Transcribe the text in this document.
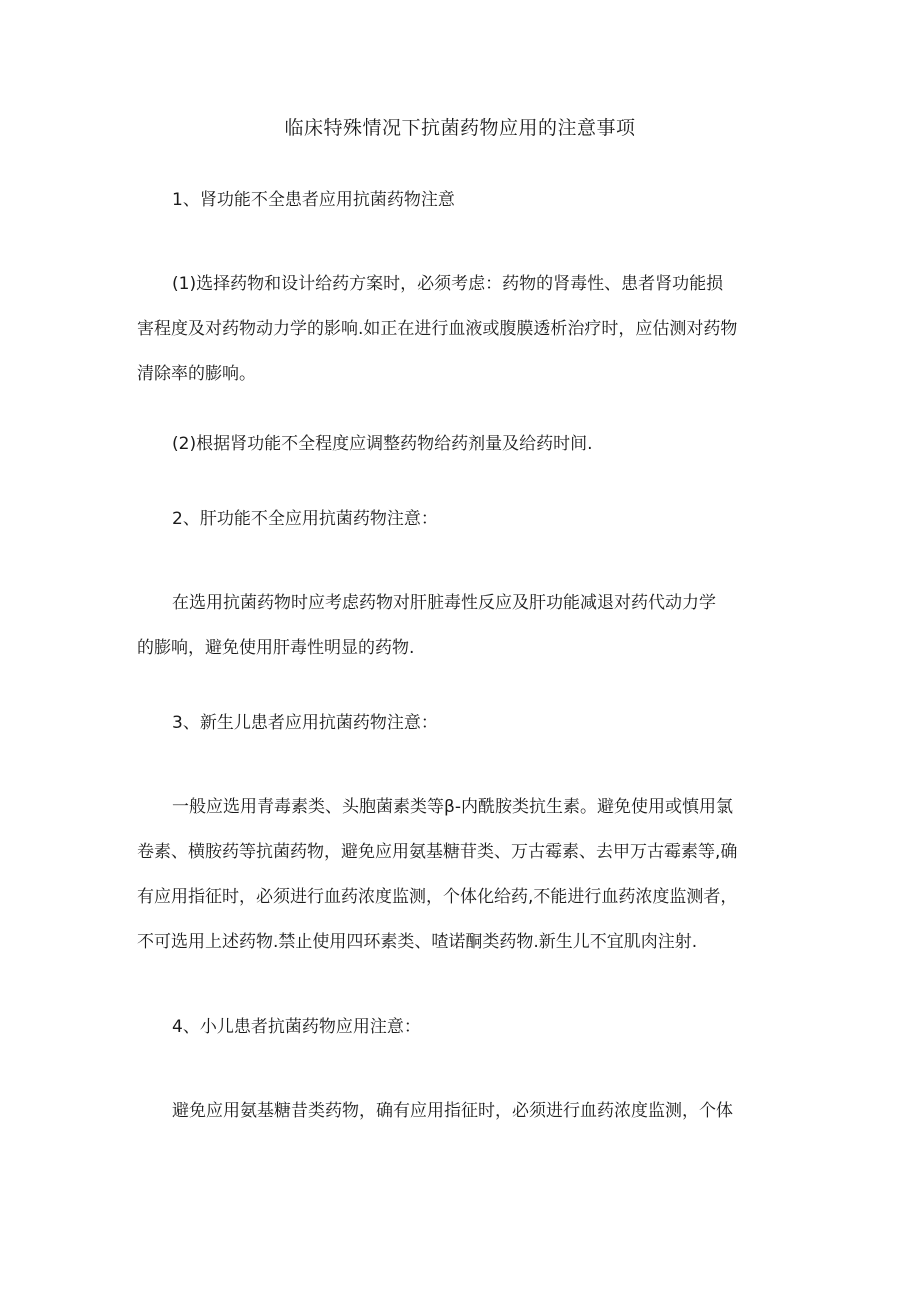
临床特殊情况下抗菌药物应用的注意事项
1、肾功能不全患者应用抗菌药物注意
(1)选择药物和设计给药方案时，必须考虑：药物的肾毒性、患者肾功能损
害程度及对药物动力学的影响.如正在进行血液或腹膜透析治疗时，应估测对药物
清除率的膨响。
(2)根据肾功能不全程度应调整药物给药剂量及给药时间.
2、肝功能不全应用抗菌药物注意：
在选用抗菌药物时应考虑药物对肝脏毒性反应及肝功能减退对药代动力学
的膨响，避免使用肝毒性明显的药物.
3、新生儿患者应用抗菌药物注意：
一般应选用青毒素类、头胞菌素类等β-内酰胺类抗生素。避免使用或慎用氯
卷素、横胺药等抗菌药物，避免应用氨基糖苷类、万古霉素、去甲万古霉素等,确
有应用指征时，必须进行血药浓度监测，个体化给药,不能进行血药浓度监测者，
不可选用上述药物.禁止使用四环素类、喳诺酮类药物.新生儿不宜肌肉注射.
4、小儿患者抗菌药物应用注意：
避免应用氨基糖昔类药物，确有应用指征时，必须进行血药浓度监测，个体
